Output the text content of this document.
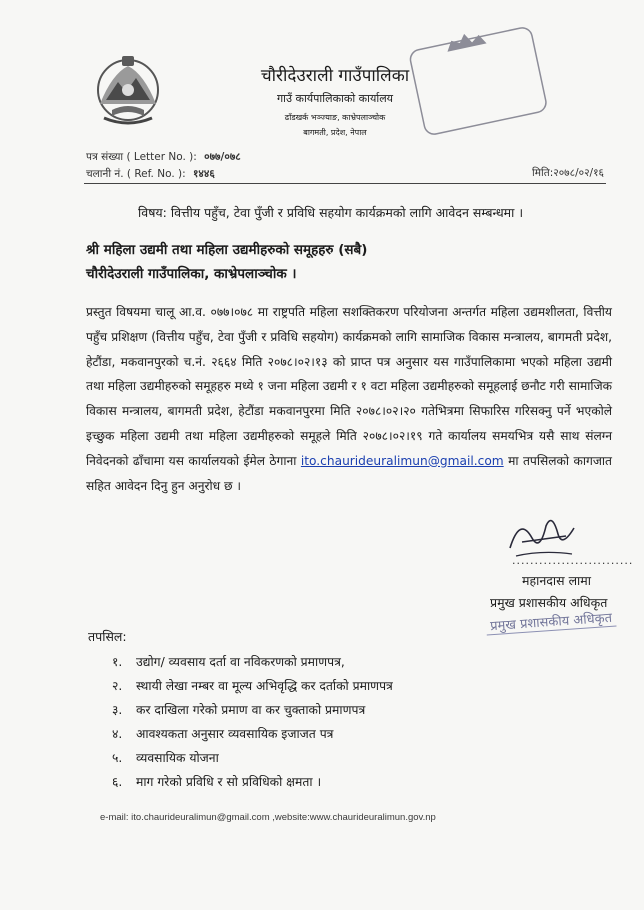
चौरीदेउराली गाउँपालिका
गाउँ कार्यपालिकाको कार्यालय
ढाँडखर्क भञ्ज्याङ, काभ्रेपलाञ्चोक
बागमती, प्रदेश, नेपाल
पत्र संख्या ( Letter No. ): ०७७/०७८
चलानी नं. ( Ref. No. ): १४४६	मिति:२०७८/०२/१६
विषय: वित्तीय पहुँच, टेवा पुँजी र प्रविधि सहयोग कार्यक्रमको लागि आवेदन सम्बन्धमा ।
श्री महिला उद्यमी तथा महिला उद्यमीहरुको समूहहरु (सबै)
चौरीदेउराली गाउँपालिका, काभ्रेपलाञ्चोक ।
प्रस्तुत विषयमा चालू आ.व. ०७७।०७८ मा राष्ट्रपति महिला सशक्तिकरण परियोजना अन्तर्गत महिला उद्यमशीलता, वित्तीय पहुँच प्रशिक्षण (वित्तीय पहुँच, टेवा पुँजी र प्रविधि सहयोग) कार्यक्रमको लागि सामाजिक विकास मन्त्रालय, बागमती प्रदेश, हेटौंडा, मकवानपुरको च.नं. २६६४ मिति २०७८।०२।१३ को प्राप्त पत्र अनुसार यस गाउँपालिकामा भएको महिला उद्यमी तथा महिला उद्यमीहरुको समूहहरु मध्ये १ जना महिला उद्यमी र १ वटा महिला उद्यमीहरुको समूहलाई छनौट गरी सामाजिक विकास मन्त्रालय, बागमती प्रदेश, हेटौंडा मकवानपुरमा मिति २०७८।०२।२० गतेभित्रमा सिफारिस गरिसक्नु पर्ने भएकोले इच्छुक महिला उद्यमी तथा महिला उद्यमीहरुको समूहले मिति २०७८।०२।१९ गते कार्यालय समयभित्र यसै साथ संलग्न निवेदनको ढाँचामा यस कार्यालयको ईमेल ठेगाना ito.chaurideuralimun@gmail.com मा तपसिलको कागजात सहित आवेदन दिनु हुन अनुरोध छ ।
...........................
महानदास लामा
प्रमुख प्रशासकीय अधिकृत
प्रमुख प्रशासकीय अधिकृत
तपसिल:
१. उद्योग/ व्यवसाय दर्ता वा नविकरणको प्रमाणपत्र,
२. स्थायी लेखा नम्बर वा मूल्य अभिवृद्धि कर दर्ताको प्रमाणपत्र
३. कर दाखिला गरेको प्रमाण वा कर चुक्ताको प्रमाणपत्र
४. आवश्यकता अनुसार व्यवसायिक इजाजत पत्र
५. व्यवसायिक योजना
६. माग गरेको प्रविधि र सो प्रविधिको क्षमता ।
e-mail: ito.chaurideuralimun@gmail.com ,website:www.chaurideuralimun.gov.np
